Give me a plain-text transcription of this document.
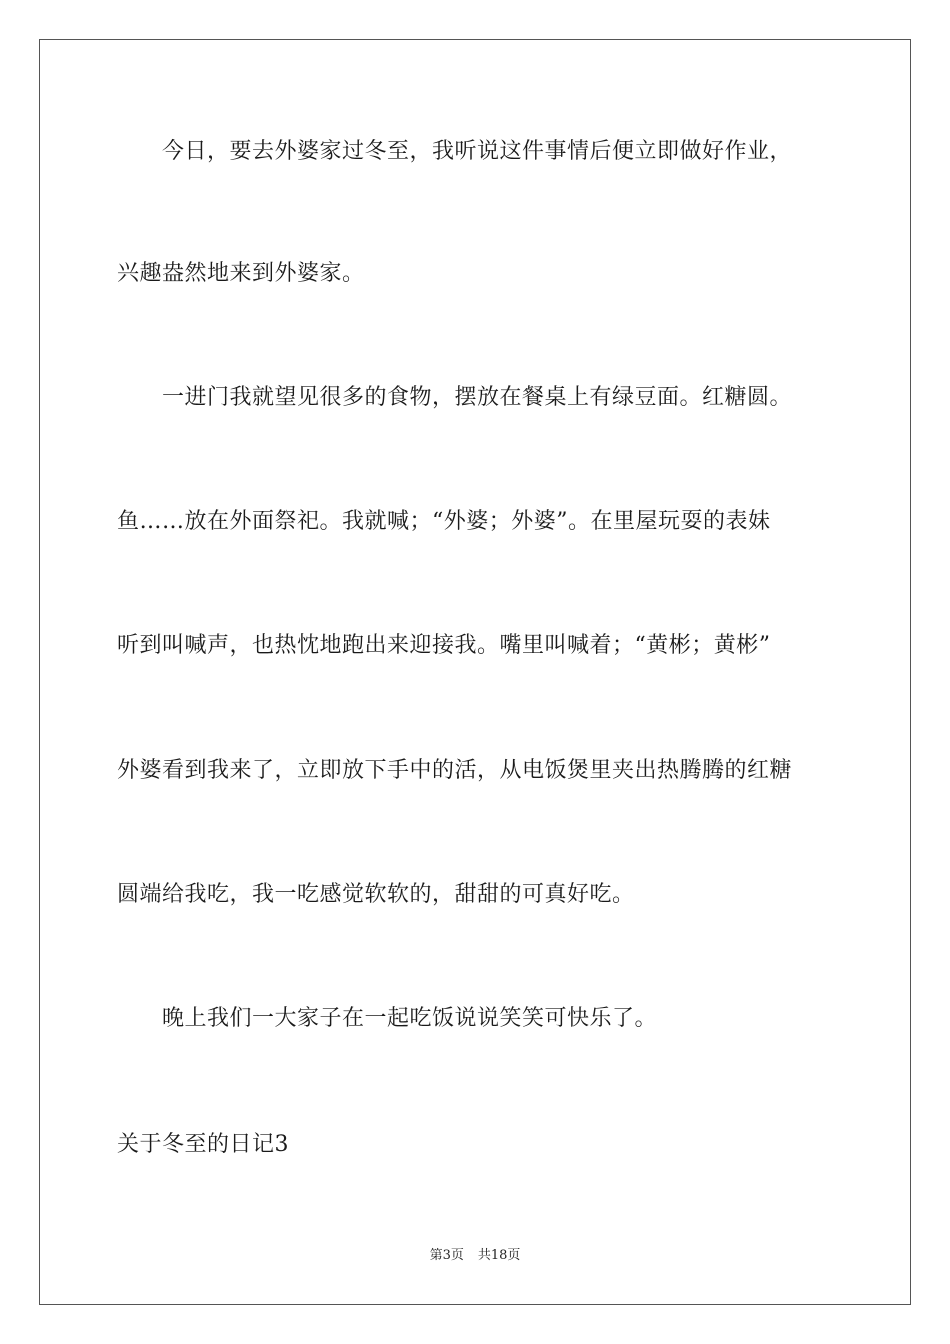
今日，要去外婆家过冬至，我听说这件事情后便立即做好作业，
兴趣盎然地来到外婆家。
一进门我就望见很多的食物，摆放在餐桌上有绿豆面。红糖圆。
鱼……放在外面祭祀。我就喊；“外婆；外婆”。在里屋玩耍的表妹
听到叫喊声，也热忱地跑出来迎接我。嘴里叫喊着；“黄彬；黄彬”
外婆看到我来了，立即放下手中的活，从电饭煲里夹出热腾腾的红糖
圆端给我吃，我一吃感觉软软的，甜甜的可真好吃。
晚上我们一大家子在一起吃饭说说笑笑可快乐了。
关于冬至的日记3
第3页 共18页
